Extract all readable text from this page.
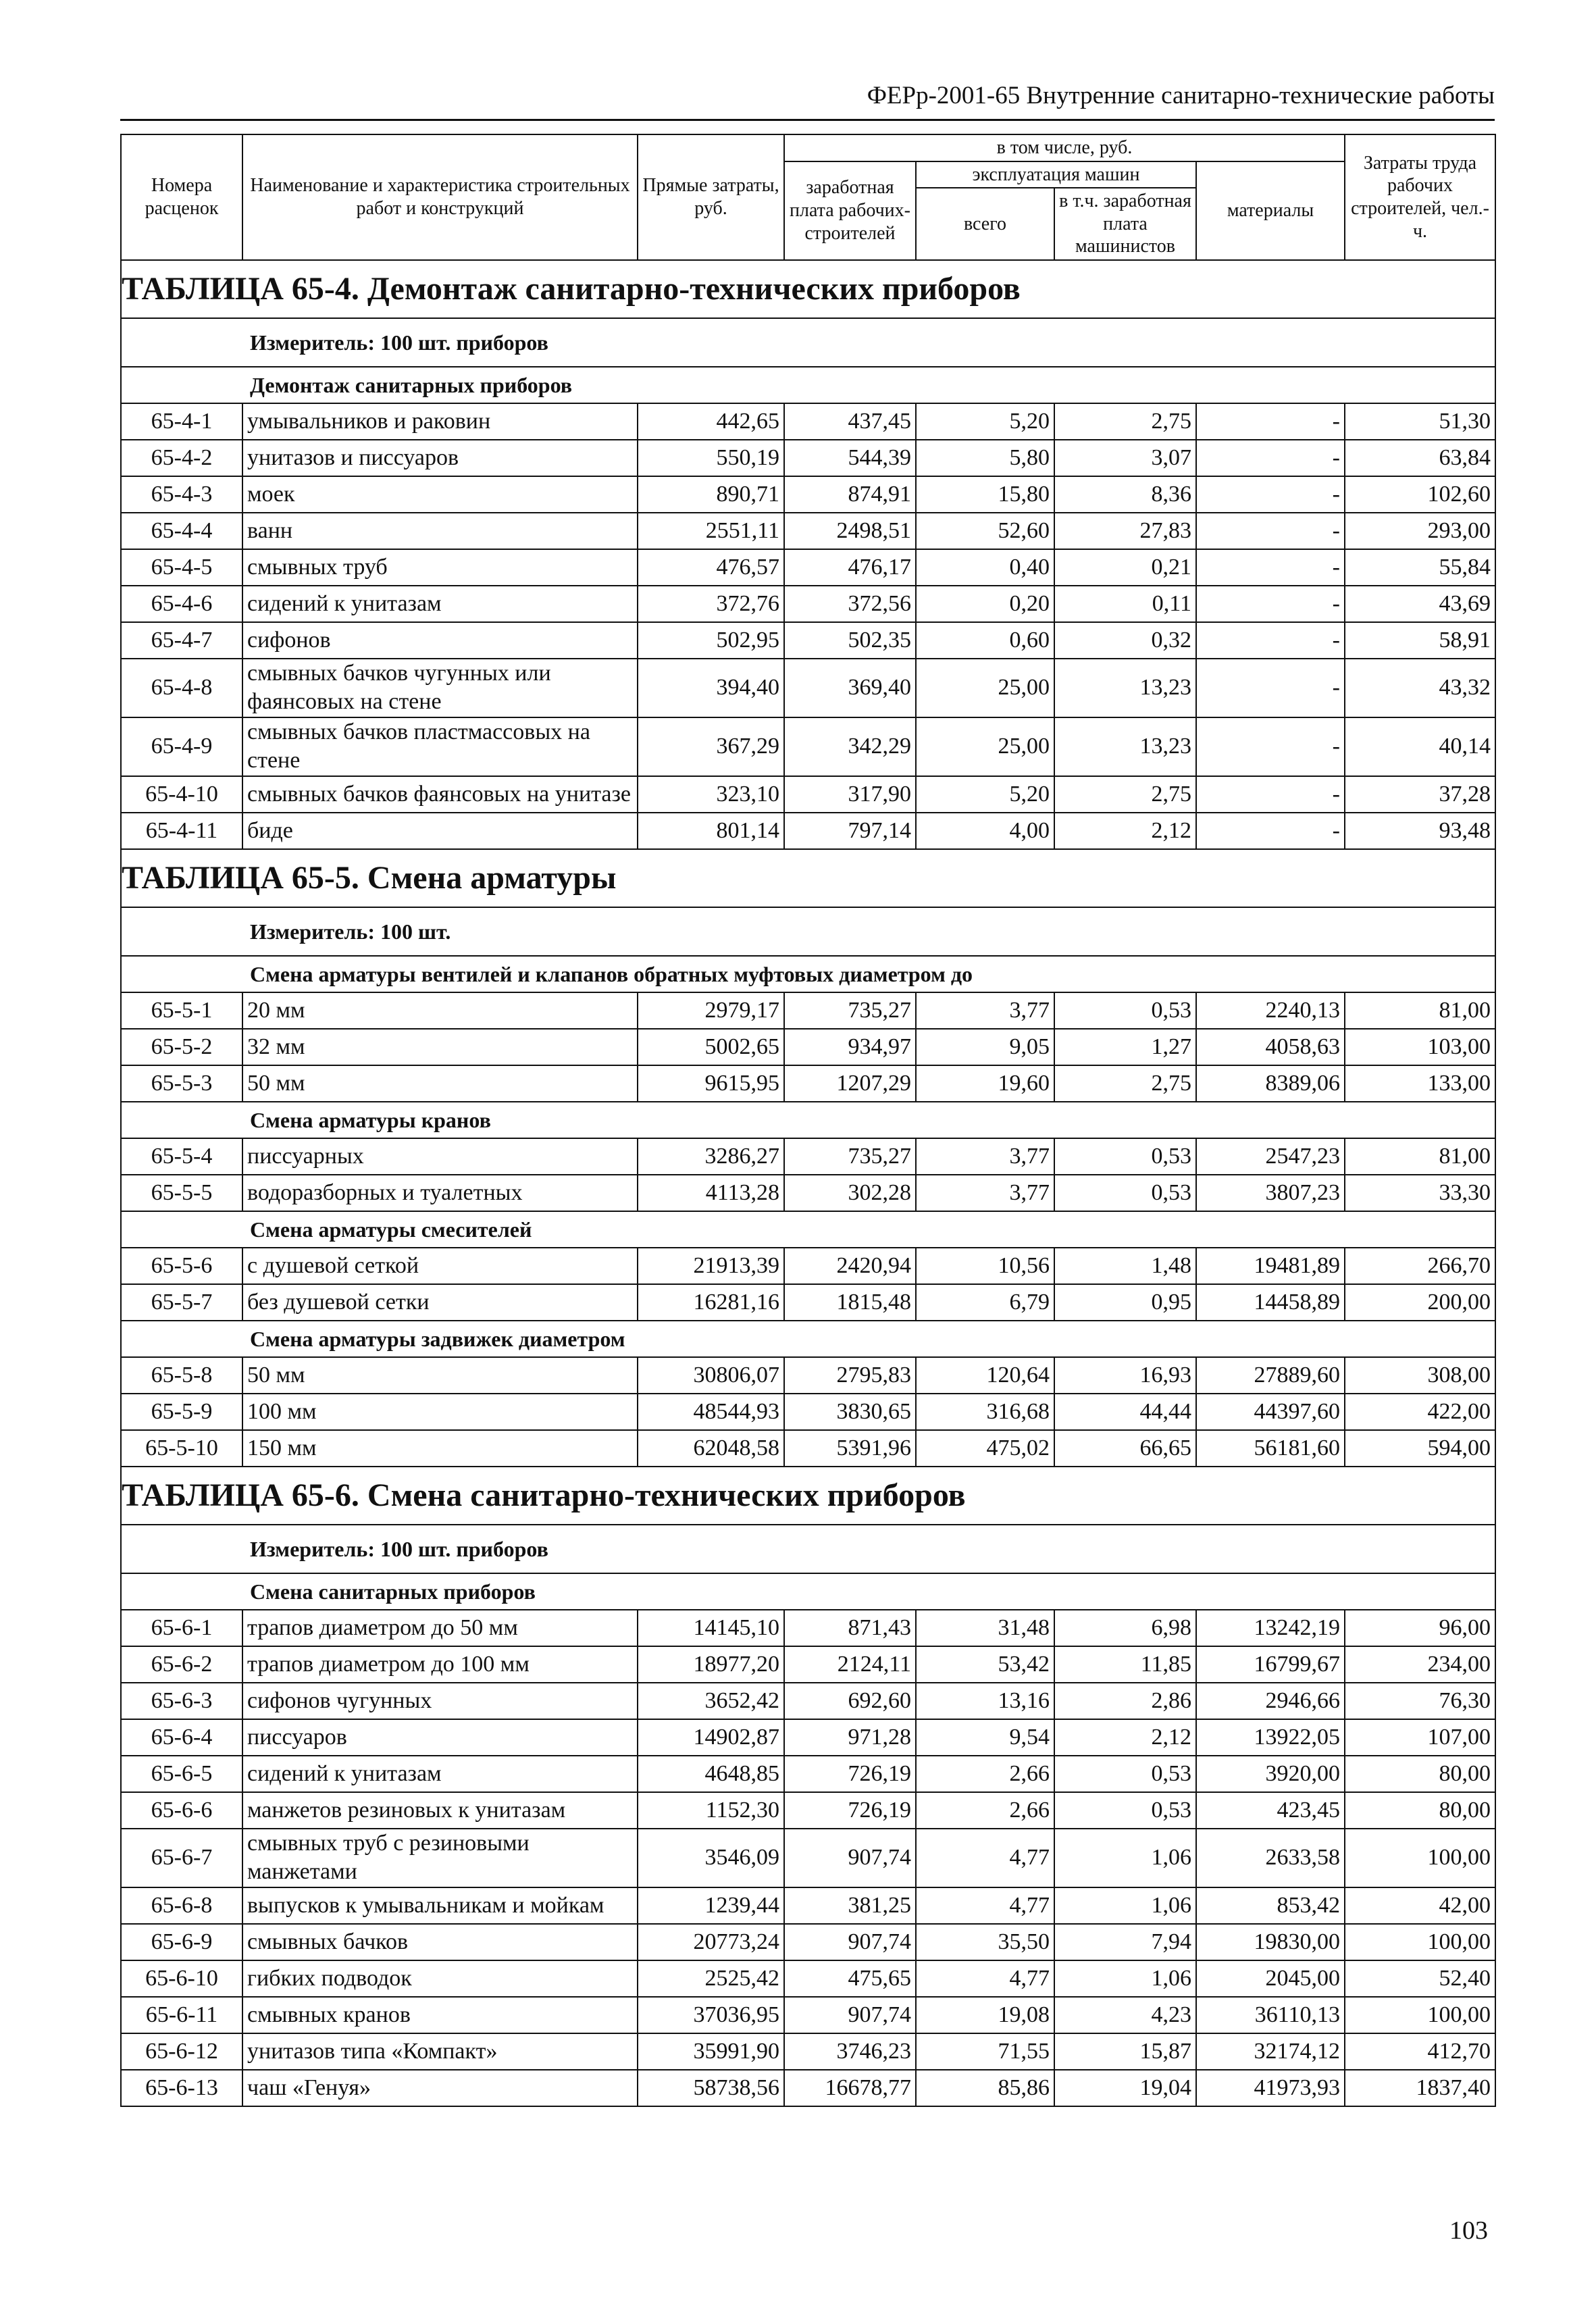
ФЕРр-2001-65 Внутренние санитарно-технические работы
Номера расценок	Наименование и характеристика строительных работ и конструкций	Прямые затраты, руб.	в том числе, руб.				Затраты труда рабочих строителей, чел.-ч.
			заработная плата рабочих-строителей	эксплуатация машин		материалы	
				всего	в т.ч. заработная плата машинистов		
ТАБЛИЦА 65-4. Демонтаж санитарно-технических приборов							
Измеритель: 100 шт. приборов							
Демонтаж санитарных приборов							
65-4-1	умывальников и раковин	442,65	437,45	5,20	2,75	-	51,30
65-4-2	унитазов и писсуаров	550,19	544,39	5,80	3,07	-	63,84
65-4-3	моек	890,71	874,91	15,80	8,36	-	102,60
65-4-4	ванн	2551,11	2498,51	52,60	27,83	-	293,00
65-4-5	смывных труб	476,57	476,17	0,40	0,21	-	55,84
65-4-6	сидений к унитазам	372,76	372,56	0,20	0,11	-	43,69
65-4-7	сифонов	502,95	502,35	0,60	0,32	-	58,91
65-4-8	смывных бачков чугунных или фаянсовых на стене	394,40	369,40	25,00	13,23	-	43,32
65-4-9	смывных бачков пластмассовых на стене	367,29	342,29	25,00	13,23	-	40,14
65-4-10	смывных бачков фаянсовых на унитазе	323,10	317,90	5,20	2,75	-	37,28
65-4-11	биде	801,14	797,14	4,00	2,12	-	93,48
ТАБЛИЦА 65-5. Смена арматуры							
Измеритель: 100 шт.							
Смена арматуры вентилей и клапанов обратных муфтовых диаметром до							
65-5-1	20 мм	2979,17	735,27	3,77	0,53	2240,13	81,00
65-5-2	32 мм	5002,65	934,97	9,05	1,27	4058,63	103,00
65-5-3	50 мм	9615,95	1207,29	19,60	2,75	8389,06	133,00
Смена арматуры кранов							
65-5-4	писсуарных	3286,27	735,27	3,77	0,53	2547,23	81,00
65-5-5	водоразборных и туалетных	4113,28	302,28	3,77	0,53	3807,23	33,30
Смена арматуры смесителей							
65-5-6	с душевой сеткой	21913,39	2420,94	10,56	1,48	19481,89	266,70
65-5-7	без душевой сетки	16281,16	1815,48	6,79	0,95	14458,89	200,00
Смена арматуры задвижек диаметром							
65-5-8	50 мм	30806,07	2795,83	120,64	16,93	27889,60	308,00
65-5-9	100 мм	48544,93	3830,65	316,68	44,44	44397,60	422,00
65-5-10	150 мм	62048,58	5391,96	475,02	66,65	56181,60	594,00
ТАБЛИЦА 65-6. Смена санитарно-технических приборов							
Измеритель: 100 шт. приборов							
Смена санитарных приборов							
65-6-1	трапов диаметром до 50 мм	14145,10	871,43	31,48	6,98	13242,19	96,00
65-6-2	трапов диаметром до 100 мм	18977,20	2124,11	53,42	11,85	16799,67	234,00
65-6-3	сифонов чугунных	3652,42	692,60	13,16	2,86	2946,66	76,30
65-6-4	писсуаров	14902,87	971,28	9,54	2,12	13922,05	107,00
65-6-5	сидений к унитазам	4648,85	726,19	2,66	0,53	3920,00	80,00
65-6-6	манжетов резиновых к унитазам	1152,30	726,19	2,66	0,53	423,45	80,00
65-6-7	смывных труб с резиновыми манжетами	3546,09	907,74	4,77	1,06	2633,58	100,00
65-6-8	выпусков к умывальникам и мойкам	1239,44	381,25	4,77	1,06	853,42	42,00
65-6-9	смывных бачков	20773,24	907,74	35,50	7,94	19830,00	100,00
65-6-10	гибких подводок	2525,42	475,65	4,77	1,06	2045,00	52,40
65-6-11	смывных кранов	37036,95	907,74	19,08	4,23	36110,13	100,00
65-6-12	унитазов типа «Компакт»	35991,90	3746,23	71,55	15,87	32174,12	412,70
65-6-13	чаш «Генуя»	58738,56	16678,77	85,86	19,04	41973,93	1837,40
103
